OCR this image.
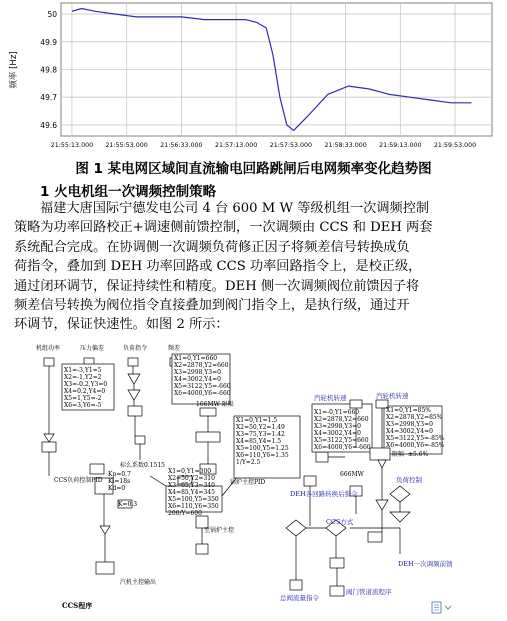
50
49.9
49.8
49.7
49.6
21:55:13.000 21:55:53.000 21:56:33.000 21:57:13.000 21:57:53.000 21:58:33.000 21:59:13.000 21:59:53.000
频率 [Hz]
图 1 某电网区域间直流输电回路跳闸后电网频率变化趋势图
1 火电机组一次调频控制策略
福建大唐国际宁德发电公司 4 台 600 M W 等级机组一次调频控制
策略为功率回路校正+调速侧前馈控制，一次调频由 CCS 和 DEH 两套
系统配合完成。在协调侧一次调频负荷修正因子将频差信号转换成负
荷指令，叠加到 DEH 功率回路或 CCS 功率回路指令上，是校正级，
通过闭环调节，保证持续性和精度。DEH 侧一次调频阀位前馈因子将
频差信号转换为阀位指令直接叠加到阀门指令上，是执行级，通过开
环调节，保证快速性。如图 2 所示：
机组功率	压力偏差	负荷指令	频差
X1=-3,Y1=5
X2=-1,Y2=2
X3=-0.2,Y3=0
X4=0.2,Y4=0
X5=1,Y5=-2
X6=3,Y6=-5
X1=0,Y1=660
X2=2878,Y2=660
X3=2998,Y3=0
X4=3002,Y4=0
X5=3122,Y5=-660
X6=4000,Y6=-660
166MW 限幅
X1=0,Y1=1.5
X2=50,Y2=1.49
X3=75,Y3=1.42
X4=85,Y4=1.5
X5=100,Y5=1.25
X6=110,Y6=1.35
1/Y=2.5
X1=0,Y1=300
X2=50,Y2=310
X3=65,Y3=340
X4=85,Y4=345
X5=100,Y5=350
X6=110,Y6=350
200/Y=600
标么系数0.1515
Kp=0.7
Ki=18s
Kd=0
K=0.3
CCS负荷控制PID	锅炉主控PID
至锅炉主控
汽机主控输出
汽轮机转速	汽轮机转速
X1=0,Y1=85%
X2=2878,Y2=85%
X3=2998,Y3=0
X4=3002,Y4=0
X5=3122,Y5=-85%
X6=4000,Y6=-85%
X1=-0,Y1=660
X2=2878,Y2=660
X3=2998,Y3=0
X4=3002,Y4=0
X5=3122,Y5=660
X6=4000,Y6=-660
666MW
限幅 ±5.6%
负荷控制
DEH各回路转换后指令
CCS方式
DEH一次调频前馈
阀门管道流程序
总阀流量指令
CCS程序
